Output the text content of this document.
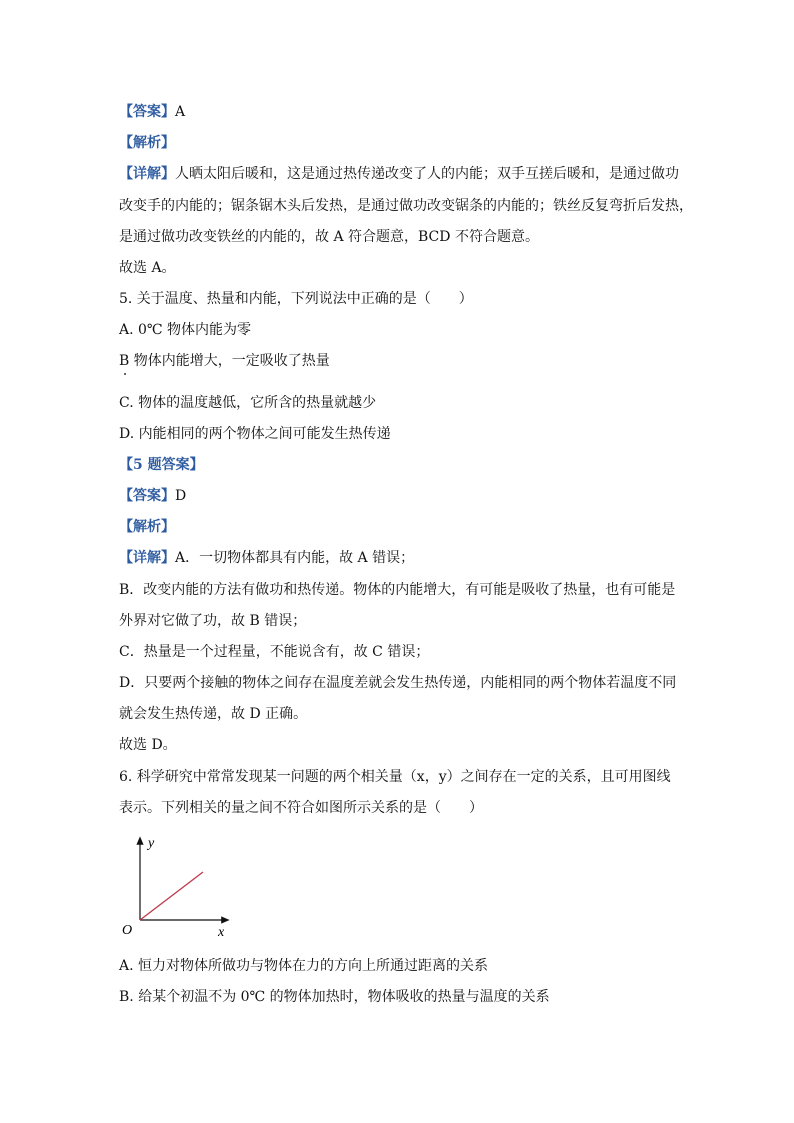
【答案】A
【解析】
【详解】人晒太阳后暖和，这是通过热传递改变了人的内能；双手互搓后暖和，是通过做功
改变手的内能的；锯条锯木头后发热，是通过做功改变锯条的内能的；铁丝反复弯折后发热，
是通过做功改变铁丝的内能的，故 A 符合题意，BCD 不符合题意。
故选 A。
5. 关于温度、热量和内能，下列说法中正确的是（　　）
A. 0℃ 物体内能为零
B 物体内能增大，一定吸收了热量
C. 物体的温度越低，它所含的热量就越少
D. 内能相同的两个物体之间可能发生热传递
【5 题答案】
【答案】D
【解析】
【详解】A．一切物体都具有内能，故 A 错误；
B．改变内能的方法有做功和热传递。物体的内能增大，有可能是吸收了热量，也有可能是
外界对它做了功，故 B 错误；
C．热量是一个过程量，不能说含有，故 C 错误；
D．只要两个接触的物体之间存在温度差就会发生热传递，内能相同的两个物体若温度不同
就会发生热传递，故 D 正确。
故选 D。
6. 科学研究中常常发现某一问题的两个相关量（x，y）之间存在一定的关系，且可用图线
表示。下列相关的量之间不符合如图所示关系的是（　　）
y
x
O
A. 恒力对物体所做功与物体在力的方向上所通过距离的关系
B. 给某个初温不为 0℃ 的物体加热时，物体吸收的热量与温度的关系
